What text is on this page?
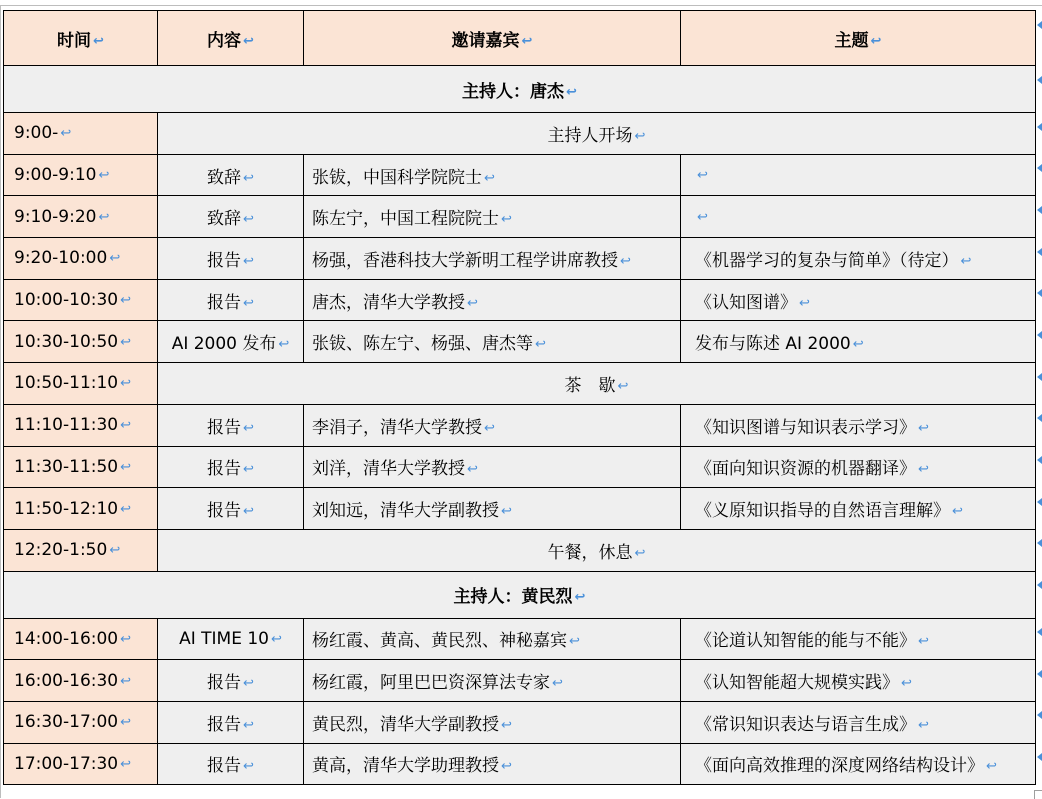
时间 ↩	内容 ↩	邀请嘉宾 ↩	主题 ↩
主持人：唐杰 ↩			
9:00- ↩	主持人开场 ↩		
9:00-9:10 ↩	致辞 ↩	张钹，中国科学院院士 ↩	↩
9:10-9:20 ↩	致辞 ↩	陈左宁，中国工程院院士 ↩	↩
9:20-10:00 ↩	报告 ↩	杨强，香港科技大学新明工程学讲席教授 ↩	《机器学习的复杂与简单》（待定） ↩
10:00-10:30 ↩	报告 ↩	唐杰，清华大学教授 ↩	《认知图谱》 ↩
10:30-10:50 ↩	AI 2000 发布 ↩	张钹、陈左宁、杨强、唐杰等 ↩	发布与陈述 AI 2000 ↩
10:50-11:10 ↩	茶　歇 ↩		
11:10-11:30 ↩	报告 ↩	李涓子，清华大学教授 ↩	《知识图谱与知识表示学习》 ↩
11:30-11:50 ↩	报告 ↩	刘洋，清华大学教授 ↩	《面向知识资源的机器翻译》 ↩
11:50-12:10 ↩	报告 ↩	刘知远，清华大学副教授 ↩	《义原知识指导的自然语言理解》 ↩
12:20-1:50 ↩	午餐，休息 ↩		
主持人：黄民烈 ↩			
14:00-16:00 ↩	AI TIME 10 ↩	杨红霞、黄高、黄民烈、神秘嘉宾 ↩	《论道认知智能的能与不能》 ↩
16:00-16:30 ↩	报告 ↩	杨红霞，阿里巴巴资深算法专家 ↩	《认知智能超大规模实践》 ↩
16:30-17:00 ↩	报告 ↩	黄民烈，清华大学副教授 ↩	《常识知识表达与语言生成》 ↩
17:00-17:30 ↩	报告 ↩	黄高，清华大学助理教授 ↩	《面向高效推理的深度网络结构设计》 ↩
